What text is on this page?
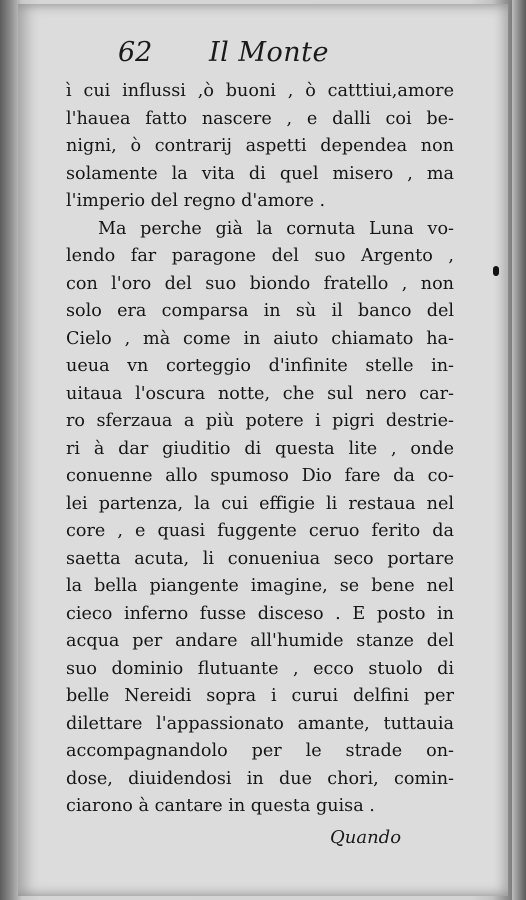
62 Il Monte
ì cui influssi ,ò buoni , ò catttiui,amore
l'hauea fatto nascere , e dalli coi be-
nigni, ò contrarij aspetti dependea non
solamente la vita di quel misero , ma
l'imperio del regno d'amore .
Ma perche già la cornuta Luna vo-
lendo far paragone del suo Argento ,
con l'oro del suo biondo fratello , non
solo era comparsa in sù il banco del
Cielo , mà come in aiuto chiamato ha-
ueua vn corteggio d'infinite stelle in-
uitaua l'oscura notte, che sul nero car-
ro sferzaua a più potere i pigri destrie-
ri à dar giuditio di questa lite , onde
conuenne allo spumoso Dio fare da co-
lei partenza, la cui effigie li restaua nel
core , e quasi fuggente ceruo ferito da
saetta acuta, li conueniua seco portare
la bella piangente imagine, se bene nel
cieco inferno fusse disceso . E posto in
acqua per andare all'humide stanze del
suo dominio flutuante , ecco stuolo di
belle Nereidi sopra i curui delfini per
dilettare l'appassionato amante, tuttauia
accompagnandolo per le strade on-
dose, diuidendosi in due chori, comin-
ciarono à cantare in questa guisa .
Quando
